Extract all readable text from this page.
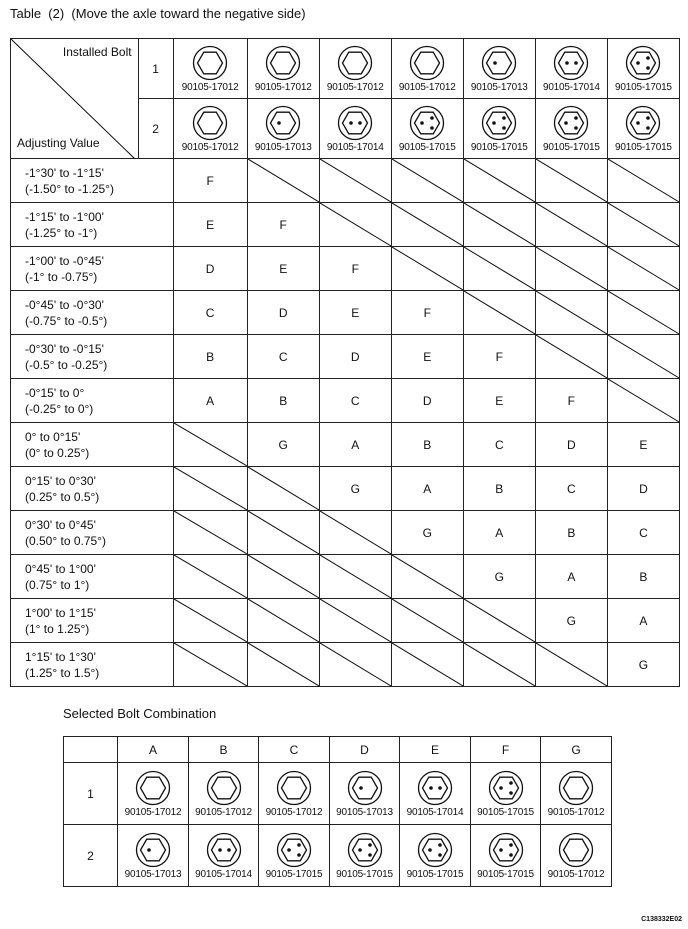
Table  (2)  (Move the axle toward the negative side)
Installed Bolt
Adjusting Value	1	90105-17012	90105-17012	90105-17012	90105-17012	90105-17013	90105-17014	90105-17015

	2	90105-17012	90105-17013	90105-17014	90105-17015	90105-17015	90105-17015	90105-17015

-1°30' to -1°15'
(-1.50° to -1.25°)		F	

-1°15' to -1°00'
(-1.25° to -1°)		E	F	

-1°00' to -0°45'
(-1° to -0.75°)		D	E	F	

-0°45' to -0°30'
(-0.75° to -0.5°)		C	D	E	F	

-0°30' to -0°15'
(-0.5° to -0.25°)		B	C	D	E	F	

-0°15' to 0°
(-0.25° to 0°)		A	B	C	D	E	F	

0° to 0°15'
(0° to 0.25°)			G	A	B	C	D	E

0°15' to 0°30'
(0.25° to 0.5°)				G	A	B	C	D

0°30' to 0°45'
(0.50° to 0.75°)					G	A	B	C

0°45' to 1°00'
(0.75° to 1°)						G	A	B

1°00' to 1°15'
(1° to 1.25°)							G	A

1°15' to 1°30'
(1.25° to 1.5°)								G
Selected Bolt Combination
	A	B	C	D	E	F	G
1	90105-17012	90105-17012	90105-17012	90105-17013	90105-17014	90105-17015	90105-17012

2	90105-17013	90105-17014	90105-17015	90105-17015	90105-17015	90105-17015	90105-17012
C138332E02
